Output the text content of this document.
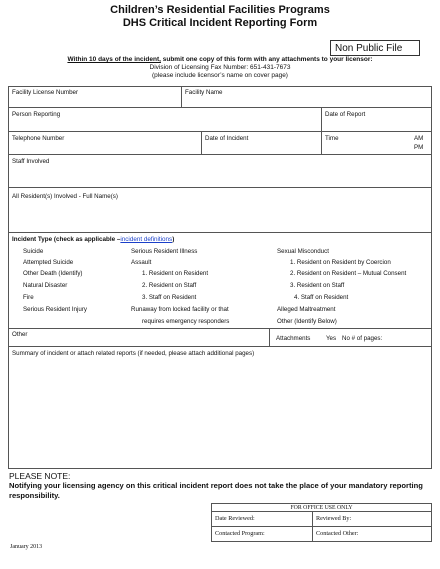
Children’s Residential Facilities Programs
DHS Critical Incident Reporting Form
Non Public File
Within 10 days of the incident, submit one copy of this form with any attachments to your licensor:
Division of Licensing Fax Number: 651-431-7673
(please include licensor’s name on cover page)
Facility License Number	Facility Name
Person Reporting	Date of Report
Telephone Number	Date of Incident	Time	AM
PM
Staff Involved
All Resident(s) Involved - Full Name(s)
Incident Type (check as applicable –incident definitions)
Suicide
Attempted Suicide
Other Death (Identify)
Natural Disaster
Fire
Serious Resident Injury
Serious Resident Illness
Assault
1. Resident on Resident
2. Resident on Staff
3. Staff on Resident
Runaway from locked facility or that
requires emergency responders
Sexual Misconduct
1. Resident on Resident by Coercion
2. Resident on Resident – Mutual Consent
3. Resident on Staff
4. Staff on Resident
Alleged Maltreatment
Other (Identify Below)
Other
Attachments	Yes No # of pages:
Summary of incident or attach related reports (if needed, please attach additional pages)
PLEASE NOTE:
Notifying your licensing agency on this critical incident report does not take the place of your mandatory reporting responsibility.
FOR OFFICE USE ONLY
Date Reviewed:	Reviewed By:
Contacted Program:	Contacted Other:
January 2013
